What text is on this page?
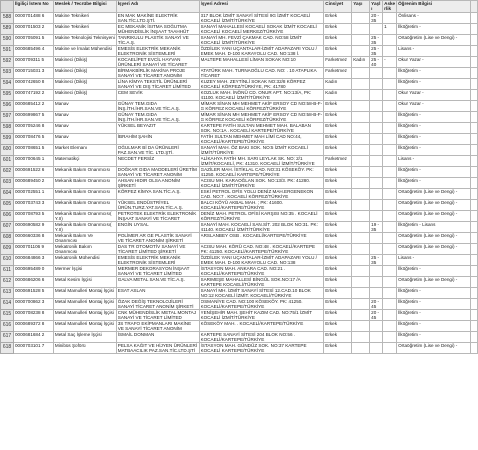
	İlgiliçi İstem No	Meslek / Tecrübe Bilgisi	İşyeri Adı	İşyeri Adresi	Cinsiyet	Yaşı	Yaşlı	Askerlik	Öğrenim Bilgisi	

588	0000701488 6	Makine Teknikeri	EN MAK MAKİNE ELEKTRİK SAN.TİC.LTD.ŞTİ.	317 BLOK İZMİT SANAYİ SİTESİ 9G İZMİT KOCAELİ KOCAELİ İZMİT/TÜRKİYE	Erkek		20 - 35		Önlisans -	

589	0000701503 2	Makine Teknikeri	EC MEKANİK İSITMA SOĞUTMA MÜHENDİSLİK İNŞAAT TAAHHÜT	SANAYİ MAHALLESİ KOCAELİ SOKAK İZMİT KOCAELİ KOCAELİ KOCAELİ MERKEZ/TÜRKİYE	Erkek			1	İlköğretim -	

590	0000705091 5	Makine Teknolojisi Teknisyeni	TANRIKULU PLASTİK SANAYİ VE TİC.A.Ş.	SANAYİ MH. FEVZİ ÇAKMAK CAD. NO:58 İZMİT KOCAELİ İZMİT/TÜRKİYE	Erkek		25 - 35		Ortaöğretim (Lise ve Dengi) -	

591	0000685496 4	Makine ve İmalat Mühendisi	EMESİS ELEKTRİK MEKANİK ELEKTRONİK SİSTEMLERİ	ÖZDİLEK YANI UÇANTALAR-İZMİT ADAPAZARI YOLU / EMEK MAH. D-100 KARAYOLU CAD. NO:138 İ.	Erkek		25 - 35		Lisans -	

592	0000709311 5	Makineci (Dikiş)	KOCAELİPET EVCİL HAYVAN ÜRÜNLERİ SANAYİ VE TİCARET	MALTEPE MAHALLESİ LİMAN SOKAK NO:10	Farketmez	Kadın	25 - 40	-	Okur Yazar -	

593	0000715031 3	Makineci (Dikiş)	BİRMAKBİRLİK MAKİNA PROJE SANAYİ VE TİCARET ANONİM	ATATÜRK MAH. TURNAOĞLU CAD. NO: . 10 ATAPLIKA TİCARET	Farketmez				İlköğretim -	

594	0000742650 8	Makineci (Dikiş)	LİNA KİMYA TEKSTİL ÜRÜNLERİ SANAYİ VE DIŞ TİCARET LİMİTED	KUZEY MAH. ZEYTİNLİ SOKAK NO:32/8 KÖRFEZ KOCAELİ KÖRFEZ/TÜRKİYE, PK: 41780	Kadın				İlköğretim -	

595	0000747192 2	Makineci (Dikiş)	CEM SEVİK	KOZLUK MAH. İNÖNÜ CD. ONUR APT. NO:13/A, PK: 41100. KOCAELİ İZMİT/TÜRKİYE	Kadın				Okur Yazar -	

596	0000685412 2	Manav	GÜNAY TEM.GIDA İNŞ.İTH.İHR.SAN.VE TİC.A.Ş.	MİMAR SİNAN MH MEHMET AKİF ERSOY CD NO:58-B-F-G KÖRFEZ KOCAELİ KÖRFEZ/TÜRKİYE	Erkek				Okur Yazar -	

597	0000699867 5	Manav	GÜNAY TEM.GIDA İNŞ.İTH.İHR.SAN.VE TİC.A.Ş.	MİMAR SİNAN MH MEHMET AKİF ERSOY CD NO:58-B-F-G KÖRFEZ KOCAELİ KÖRFEZ/TÜRKİYE	Erkek				İlköğretim -	

598	0000705246 8	Manav	YÜKSEL BEYAZIT	KARTEPE FATİH SULTAN MEHMET MAH. BALABAN SOK. NO:1A . KOCAELİ KARTEPE/TÜRKİYE	Erkek				İlköğretim -	

599	0000708476 5	Manav	İBRAHİM ŞAHİN	FATİH SULTAN MEHMET MAH LİMİ CAD NO:44, KOCAELİ/KARTEPE/TÜRKİYE	Erkek				İlköğretim -	

600	0000708651 5	Market Elemanı	OĞULMAR Bİ DA ÜRÜNLERİ PAZ.SAN.VE TİC. LTD.ŞTİ.	SANAYİ MAH. ÖZ BAKI SOK. NO:5 İZMİT KOCAELİ İZMİT/TÜRKİYE	Erkek				İlköğretim -	

601	0000700645 1	Matematikçi	NECDET FERSİZ	ALİKAHYA FATİH MH. SARI LEYLAK SK. NO: 2/1 İZMİT/KOCAELİ, PK: 41310. KOCAELİ İZMİT/TÜRKİYE	Farketmez				Lisans -	

602	0000691522 6	Mekanik Bakım Onarımcısı	DOĞKAR GIDA MADDELERİ ÜRETİM SANAYİ VE TİCARET ANONİM	GAZİLER MAH. İSTİKLAL CAD. NO:31 KÖSEKÖY. PK: 41250. KOCAELİ KARTEPE/TÜRKİYE	Erkek				İlköğretim -	

603	0000689450 2	Mekanik Bakım Onarımcısı	AHSAN HIDIR OLSA ANONİM ŞİRKETİ	ACISU MH. KARAOĞLAN SOK. NO:13/3. PK: 41280. KOCAELİ İZMİT/TÜRKİYE	Erkek				İlköğretim -	

604	0000702551 1	Mekanik Bakım Onarımcısı	KÖRFEZ KİMYA SAN.TİC.A.Ş.	ESKİ PETROL OFİS YOLU DENİZ MAH.ERGENEKON CAD. NO:7 . KOCAELİ KÖRFEZ/TÜRKİYE	Erkek				Ortaöğretim (Lise ve Dengi) -	

605	0000703743 3	Mekanik Bakım Onarımcısı	YÜKSEL ENDÜSTRİYEL ÜRÜN.TURZ.YAT.SAN.TİC.A.Ş.	BALCI KÖYÜ AKBAL MAH. ; PK: 41600. KOCAELİ/KARTEPE/TÜRKİYE	Erkek				Ortaöğretim (Lise ve Dengi) -	

606	0000708793 5	Mekanik Bakım Onarımcısı( Y.II)	PETROTEK ELEKTRİK ELEKTRONİK İNŞAAT SANAYİ VE TİCARET	DENİZ MAH. PETROL OFİSİ KARŞISI NO:35 . KOCAELİ KÖRFEZ/TÜRKİYE	Erkek				Ortaöğretim (Lise ve Dengi) -	

607	0000690582 9	Mekanik Bakım Onarımcısı( Y.II)	ENGİN UYSAL	SANAYİ MAH. KOCAELİ SAN.SİT. 202 BLOK NO:31. PK: 41140. KOCAELİ İZMİT/TÜRKİYE	Erkek		19 - 35		İlköğretim - Lisans	

608	0000660336 8	Mekanik Bakım Ve Onarımcısı	POLİMER AR GE PLASTİK SANAYİ VE TİCARET ANONİM ŞİRKETİ	ARSLANBEY OSB . KOCAELİ/KARTEPE/TÜRKİYE	Erkek				Ortaöğretim (Lise ve Dengi) -	

609	0000701106 9	Mekatronik Bakım Onarımcısı	DAS TR OTOMOTİV SANAYİ VE TİCARET LİMİTED ŞİRKETİ	ACISU MAH. KÖRÜ CAD. NO:48 . KOCAELİ/KARTEPE PK: 41250. KOCAELİ/KARTEPE/TÜRKİYE	Erkek				Ortaöğretim (Lise ve Dengi) -	

610	0000684866 3	Mekatronik Mühendisi	EMESİS ELEKTRİK MEKANİK ELEKTRONİK SİSTEMLERİ	ÖZDİLEK YANI UÇANTALAR-İZMİT ADAPAZARI YOLU / EMEK MAH. D-100 KARAYOLU CAD. NO:138	Erkek		25 - 35		Lisans -	

611	0000695489 0	Mermer İşçisi	MERMER DEKORASYON İNŞAAT SANAYİ VE TİCARET LİMİTED	İSTASYON MAH. ANKARA CAD. NO:21 . KOCAELİ/KARTEPE/TÜRKİYE	Erkek				İlköğretim -	

612	0000686206 6	Metal Kesim İşçisi	GALVA METAL SAN.VE TİC.A.Ş.	SARIMEŞE MAHALLESİ BİNGÜL SOK.NO:17 /A KARTEPE KOCAELİ/TÜRKİYE	Erkek				Ortaöğretim (Lise ve Dengi) -	

613	0000691528 5	Metal Mamulleri Montaj İşçisi	ESAT ASLAN	SANAYİ MH. İZMİT SANAYİ SİTESİ 12.CAD.10 BLOK NO:12 KOCAELİ İZMİT. KOCAELİ/TÜRKİYE	Erkek				İlköğretim -	

614	0000700862 3	Metal Mamulleri Montaj İşçisi	ÖZAK DEĞİŞ TEKNOLOJİLERİ SANAYİ TİCARET ANONİM ŞİRKETİ	OSMANİYE CAD. NO:100 KÖSEKÖY. PK: 41250. KOCAELİ/KARTEPE/TÜRKİYE	Erkek		20 - 45		İlköğretim -	

615	0000708238 8	Metal Mamulleri Montaj İşçisi	CNK MÜHENDİSLİK METAL MONTAJ SANAYİ VE TİCARET LİMİTED	YENİŞEHİR MAH. ŞEHİT KAZIM CAD. NO:75/1 İZMİT KOCAELİ İZMİT/TÜRKİYE	Erkek		20 - 45		İlköğretim -	

616	0000689372 8	Metal Mamulleri Montaj İşçisi	3S TRAFO EKİPMANLARI MAKİNE VE SANAYİ TİCARET ANONİM	KÖSEKÖY MAH. . KOCAELİ/KARTEPE/TÜRKİYE	Erkek				İlköğretim -	

617	0000681684 2	Metal Saç İşleme İşçisi	İSMAİL DONMAN	KARTEPE SANAYİ SİTESİ 204 BLOK NO:56 . KOCAELİ/KARTEPE/TÜRKİYE	Erkek				İlköğretim -	

618	0000703101 7	Minibüs Şoförü	PELSA KAĞIT VE HİJYEN ÜRÜNLERİ MATBAACILIK PAZ.SAN.TİC.LTD.ŞTİ	İSTASYON MAH. GÜNDÜZ SOK. NO:37 KARTEPE KOCAELİ KARTEPE/TÜRKİYE	Erkek				Ortaöğretim (Lise ve Dengi) -	
